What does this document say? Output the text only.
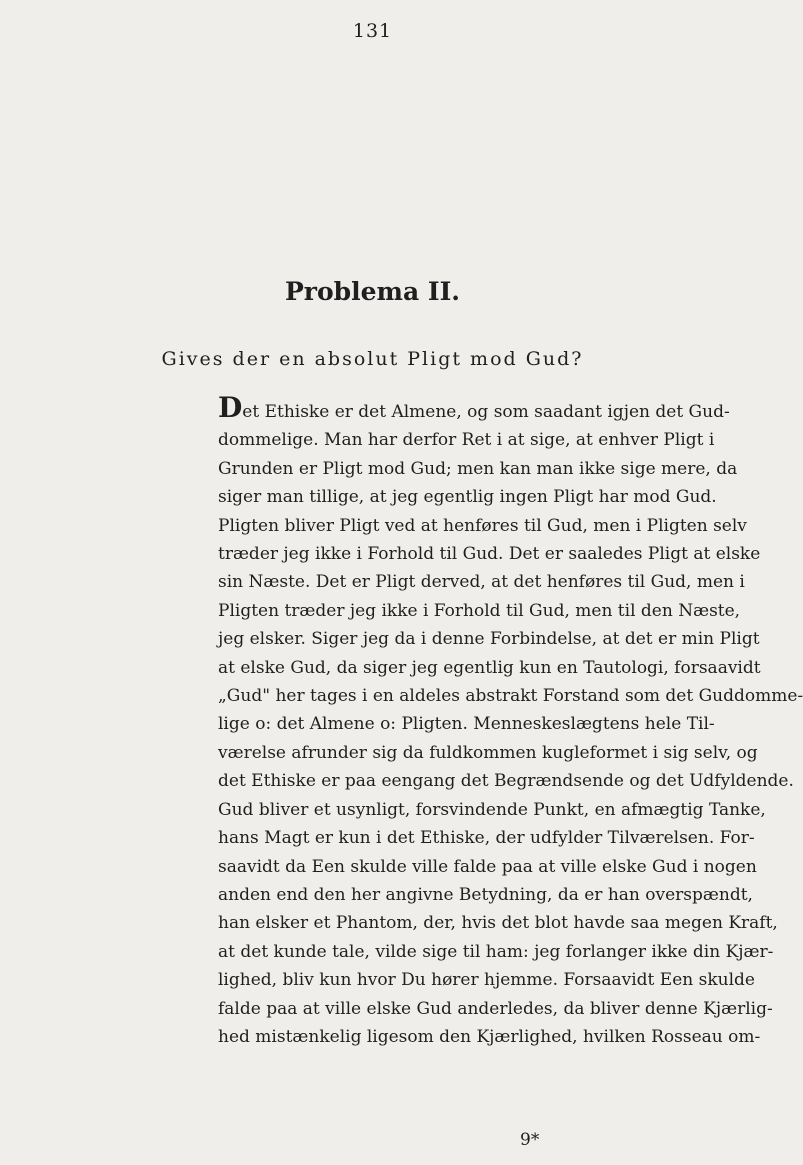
131
Problema II.
Gives der en absolut Pligt mod Gud?
Det Ethiske er det Almene, og som saadant igjen det Gud-
dommelige. Man har derfor Ret i at sige, at enhver Pligt i
Grunden er Pligt mod Gud; men kan man ikke sige mere, da
siger man tillige, at jeg egentlig ingen Pligt har mod Gud.
Pligten bliver Pligt ved at henføres til Gud, men i Pligten selv
træder jeg ikke i Forhold til Gud. Det er saaledes Pligt at elske
sin Næste. Det er Pligt derved, at det henføres til Gud, men i
Pligten træder jeg ikke i Forhold til Gud, men til den Næste,
jeg elsker. Siger jeg da i denne Forbindelse, at det er min Pligt
at elske Gud, da siger jeg egentlig kun en Tautologi, forsaavidt
„Gud" her tages i en aldeles abstrakt Forstand som det Guddomme-
lige o: det Almene o: Pligten. Menneskeslægtens hele Til-
værelse afrunder sig da fuldkommen kugleformet i sig selv, og
det Ethiske er paa eengang det Begrændsende og det Udfyldende.
Gud bliver et usynligt, forsvindende Punkt, en afmægtig Tanke,
hans Magt er kun i det Ethiske, der udfylder Tilværelsen. For-
saavidt da Een skulde ville falde paa at ville elske Gud i nogen
anden end den her angivne Betydning, da er han overspændt,
han elsker et Phantom, der, hvis det blot havde saa megen Kraft,
at det kunde tale, vilde sige til ham: jeg forlanger ikke din Kjær-
lighed, bliv kun hvor Du hører hjemme. Forsaavidt Een skulde
falde paa at ville elske Gud anderledes, da bliver denne Kjærlig-
hed mistænkelig ligesom den Kjærlighed, hvilken Rosseau om-
9*
